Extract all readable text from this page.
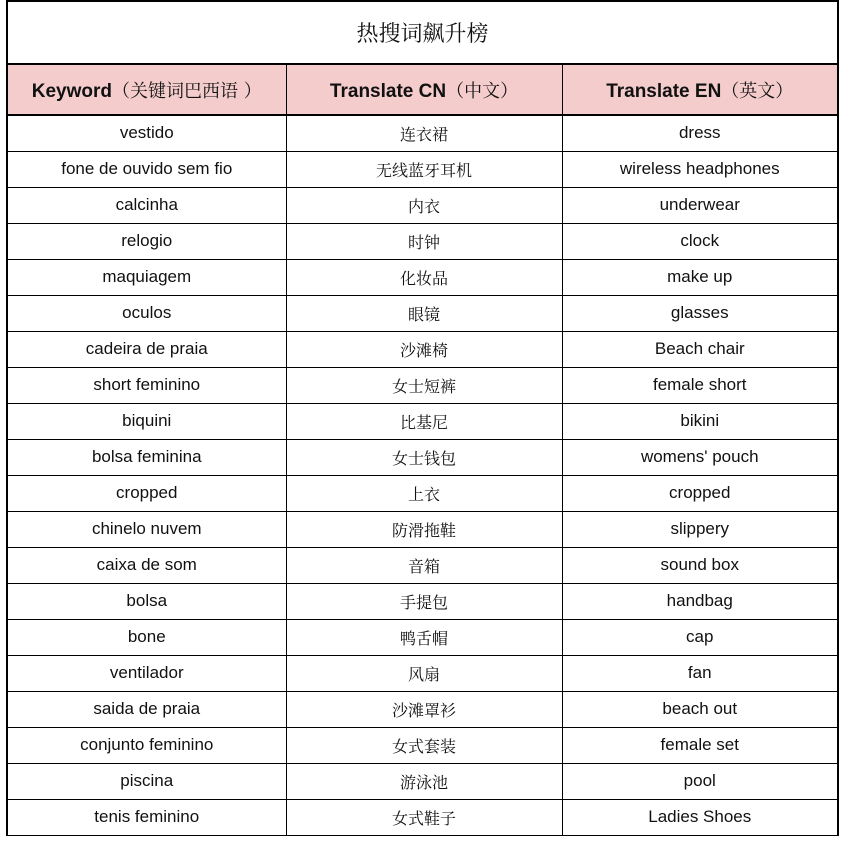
热搜词飙升榜
Keyword（关键词巴西语 ）	Translate CN（中文）	Translate EN（英文）
vestido	连衣裙	dress
fone de ouvido sem fio	无线蓝牙耳机	wireless headphones
calcinha	内衣	underwear
relogio	时钟	clock
maquiagem	化妆品	make up
oculos	眼镜	glasses
cadeira de praia	沙滩椅	Beach chair
short feminino	女士短裤	female short
biquini	比基尼	bikini
bolsa feminina	女士钱包	womens' pouch
cropped	上衣	cropped
chinelo nuvem	防滑拖鞋	slippery
caixa de som	音箱	sound box
bolsa	手提包	handbag
bone	鸭舌帽	cap
ventilador	风扇	fan
saida de praia	沙滩罩衫	beach out
conjunto feminino	女式套装	female set
piscina	游泳池	pool
tenis feminino	女式鞋子	Ladies Shoes
